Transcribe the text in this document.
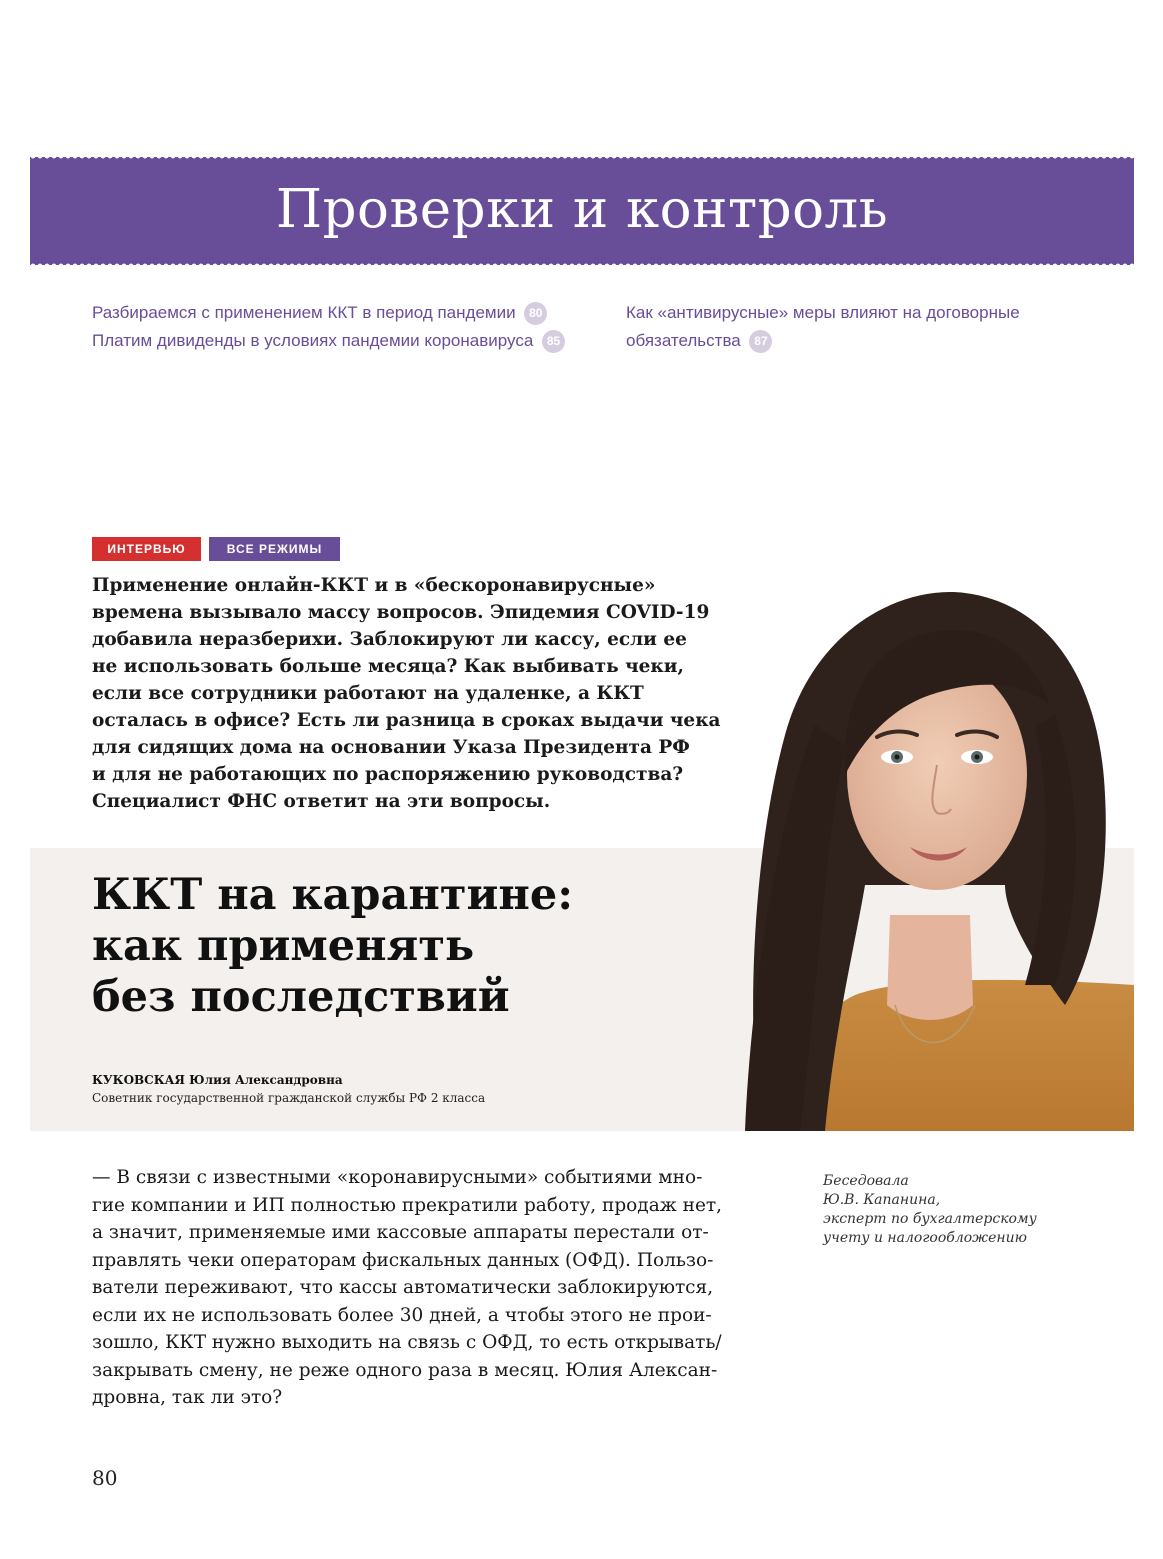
Проверки и контроль
Разбираемся с применением ККТ в период пандемии 80
Платим дивиденды в условиях пандемии коронавируса 85
Как «антивирусные» меры влияют на договорные
обязательства 87
ИНТЕРВЬЮ	ВСЕ РЕЖИМЫ
Применение онлайн-ККТ и в «бескоронавирусные»
времена вызывало массу вопросов. Эпидемия COVID-19
добавила неразберихи. Заблокируют ли кассу, если ее
не использовать больше месяца? Как выбивать чеки,
если все сотрудники работают на удаленке, а ККТ
осталась в офисе? Есть ли разница в сроках выдачи чека
для сидящих дома на основании Указа Президента РФ
и для не работающих по распоряжению руководства?
Специалист ФНС ответит на эти вопросы.
ККТ на карантине:
как применять
без последствий
КУКОВСКАЯ Юлия Александровна
Советник государственной гражданской службы РФ 2 класса
— В связи с известными «коронавирусными» событиями мно-
гие компании и ИП полностью прекратили работу, продаж нет,
а значит, применяемые ими кассовые аппараты перестали от-
правлять чеки операторам фискальных данных (ОФД). Пользо-
ватели переживают, что кассы автоматически заблокируются,
если их не использовать более 30 дней, а чтобы этого не прои-
зошло, ККТ нужно выходить на связь с ОФД, то есть открывать/
закрывать смену, не реже одного раза в месяц. Юлия Алексан-
дровна, так ли это?
Беседовала
Ю.В. Капанина,
эксперт по бухгалтерскому
учету и налогообложению
80
